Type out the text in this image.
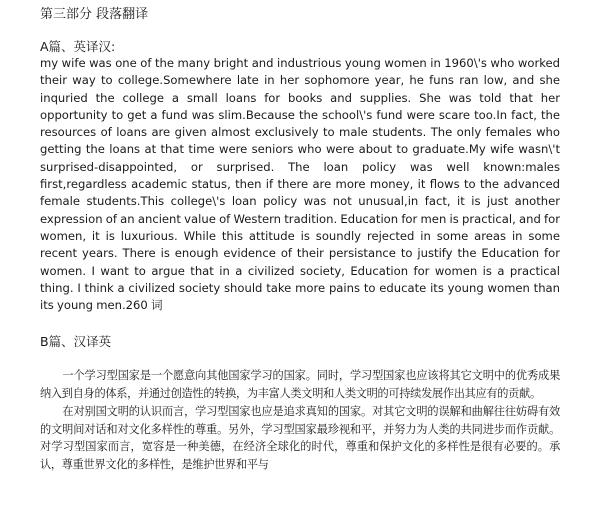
第三部分 段落翻译
A篇、英译汉:

my wife was one of the many bright and industrious young women in 1960\'s who worked their way to college.Somewhere late in her sophomore year, he funs ran low, and she inquried the college a small loans for books and supplies. She was told that her opportunity to get a fund was slim.Because the school\'s fund were scare too.In fact, the resources of loans are given almost exclusively to male students. The only females who getting the loans at that time were seniors who were about to graduate.My wife wasn\'t surprised-disappointed, or surprised. The loan policy was well known:males first,regardless academic status, then if there are more money, it flows to the advanced female students.This college\'s loan policy was not unusual,in fact, it is just another expression of an ancient value of Western tradition. Education for men is practical, and for women, it is luxurious. While this attitude is soundly rejected in some areas in some recent years. There is enough evidence of their persistance to justify the Education for women. I want to argue that in a civilized society, Education for women is a practical thing. I think a civilized society should take more pains to educate its young women than its young men.260 词

B篇、汉译英
一个学习型国家是一个愿意向其他国家学习的国家。同时，学习型国家也应该将其它文明中的优秀成果纳入到自身的体系，并通过创造性的转换，为丰富人类文明和人类文明的可持续发展作出其应有的贡献。
在对别国文明的认识而言，学习型国家也应是追求真知的国家。对其它文明的误解和曲解往往妨碍有效的文明间对话和对文化多样性的尊重。另外，学习型国家最珍视和平，并努力为人类的共同进步而作贡献。对学习型国家而言，宽容是一种美德，在经济全球化的时代，尊重和保护文化的多样性是很有必要的。承认，尊重世界文化的多样性，是维护世界和平与
